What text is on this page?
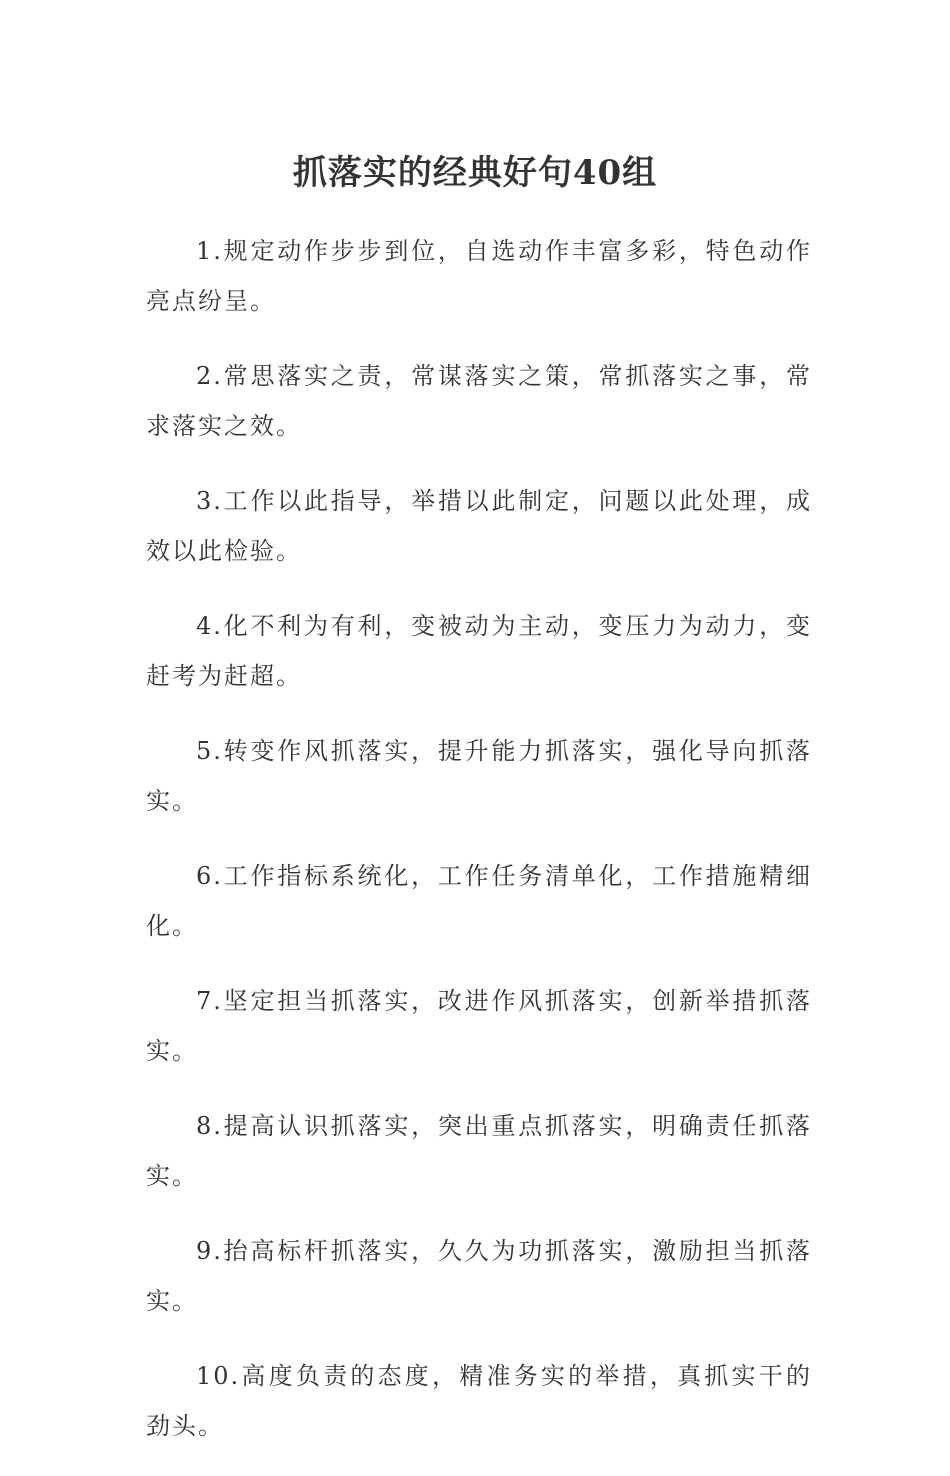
抓落实的经典好句40组

1.规定动作步步到位，自选动作丰富多彩，特色动作亮点纷呈。

2.常思落实之责，常谋落实之策，常抓落实之事，常求落实之效。

3.工作以此指导，举措以此制定，问题以此处理，成效以此检验。

4.化不利为有利，变被动为主动，变压力为动力，变赶考为赶超。

5.转变作风抓落实，提升能力抓落实，强化导向抓落实。

6.工作指标系统化，工作任务清单化，工作措施精细化。

7.坚定担当抓落实，改进作风抓落实，创新举措抓落实。

8.提高认识抓落实，突出重点抓落实，明确责任抓落实。

9.抬高标杆抓落实，久久为功抓落实，激励担当抓落实。

10.高度负责的态度，精准务实的举措，真抓实干的劲头。
